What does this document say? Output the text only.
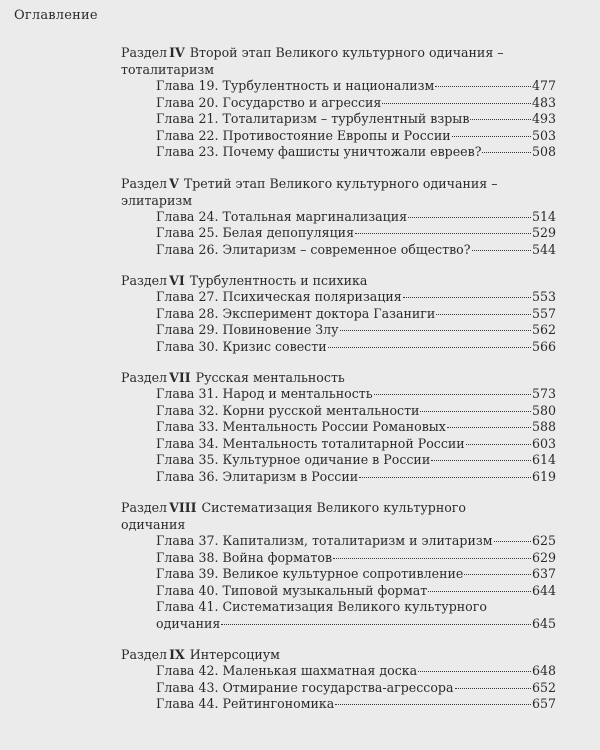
Оглавление
Раздел IV Второй этап Великого культурного одичания – тоталитаризм
Глава 19. Турбулентность и национализм	477
Глава 20. Государство и агрессия	483
Глава 21. Тоталитаризм – турбулентный взрыв	493
Глава 22. Противостояние Европы и России	503
Глава 23. Почему фашисты уничтожали евреев?	508
Раздел V Третий этап Великого культурного одичания – элитаризм
Глава 24. Тотальная маргинализация	514
Глава 25. Белая депопуляция	529
Глава 26. Элитаризм – современное общество?	544
Раздел VI Турбулентность и психика
Глава 27. Психическая поляризация	553
Глава 28. Эксперимент доктора Газаниги	557
Глава 29. Повиновение Злу	562
Глава 30. Кризис совести	566
Раздел VII Русская ментальность
Глава 31. Народ и ментальность	573
Глава 32. Корни русской ментальности	580
Глава 33. Ментальность России Романовых	588
Глава 34. Ментальность тоталитарной России	603
Глава 35. Культурное одичание в России	614
Глава 36. Элитаризм в России	619
Раздел VIII Систематизация Великого культурного одичания
Глава 37. Капитализм, тоталитаризм и элитаризм	625
Глава 38. Война форматов	629
Глава 39. Великое культурное сопротивление	637
Глава 40. Типовой музыкальный формат	644
Глава 41. Систематизация Великого культурного
одичания	645
Раздел IX Интерсоциум
Глава 42. Маленькая шахматная доска	648
Глава 43. Отмирание государства-агрессора	652
Глава 44. Рейтингономика	657
